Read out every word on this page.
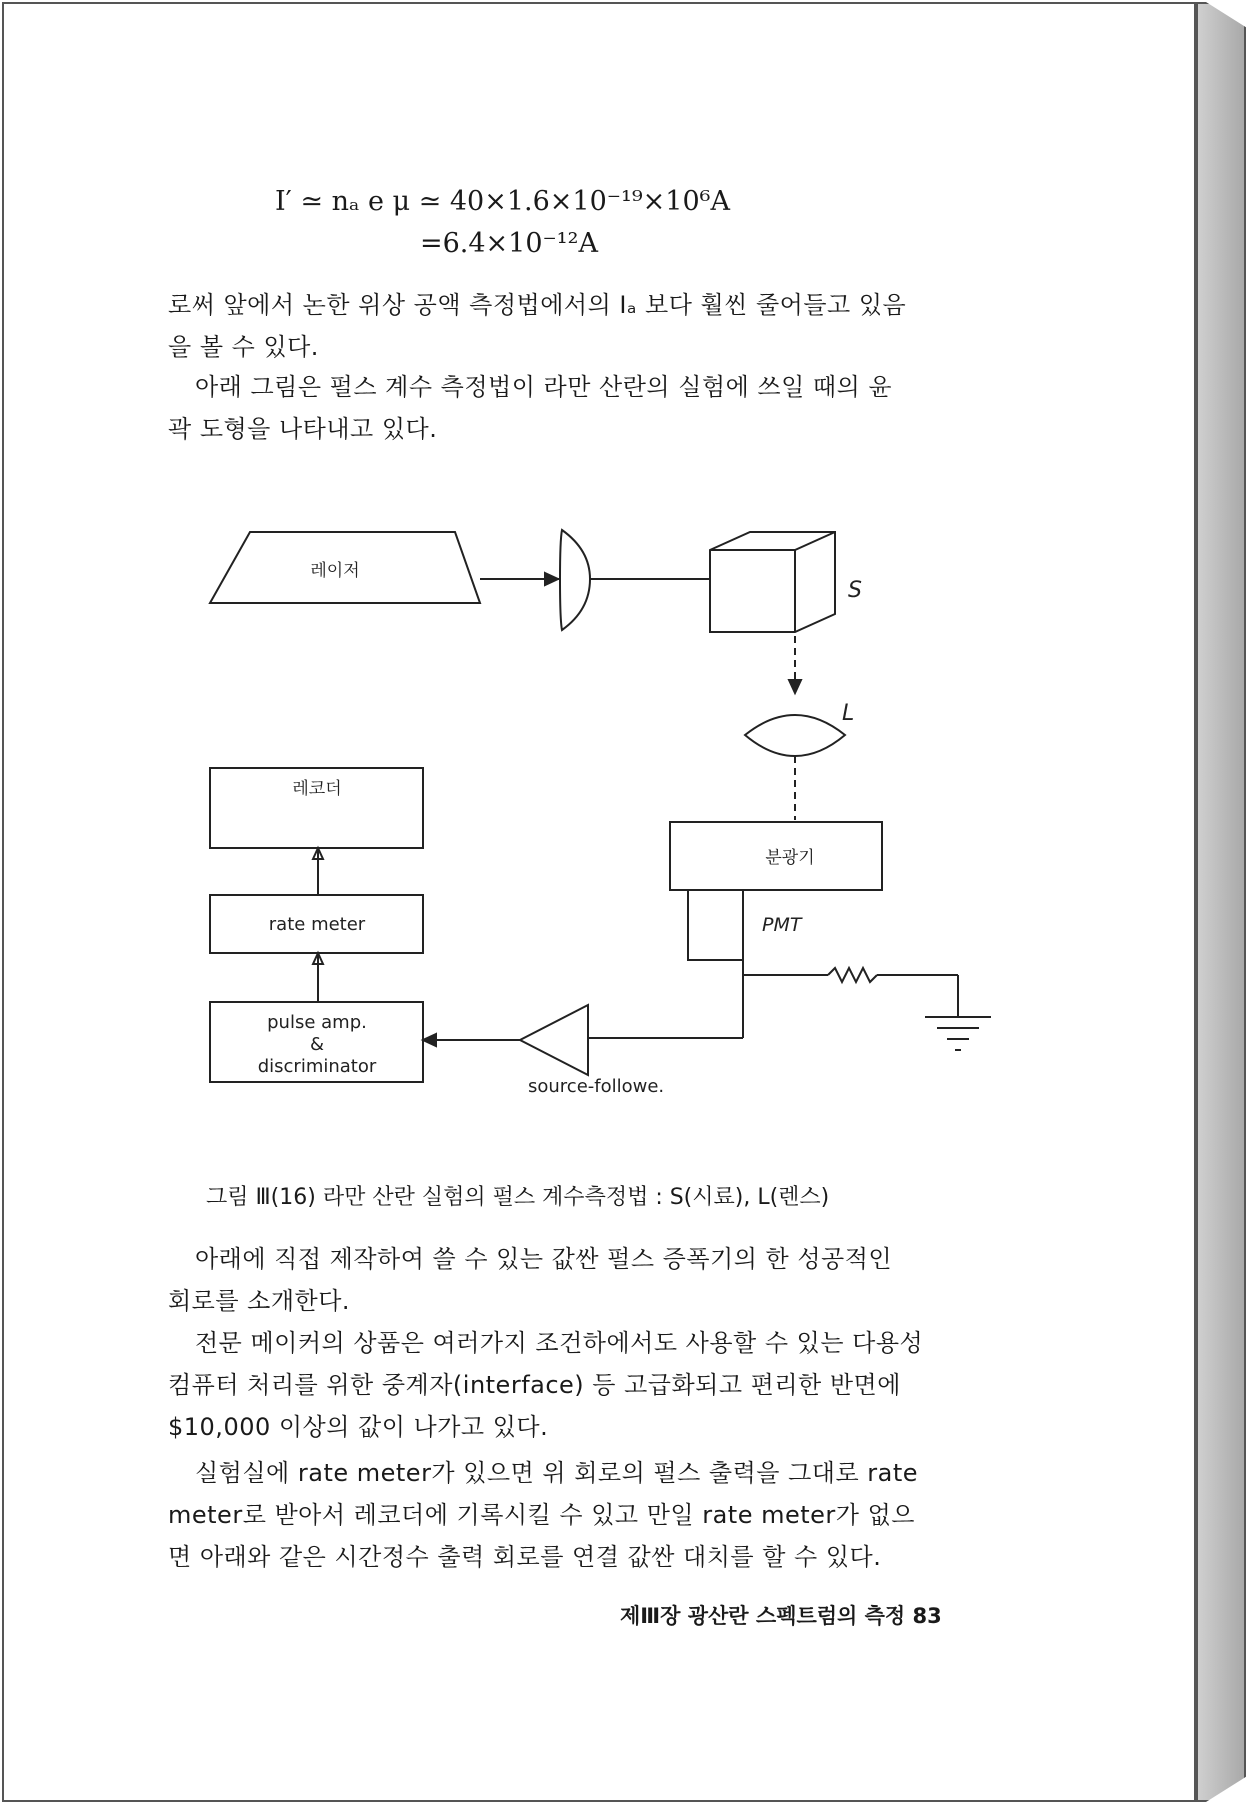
I′ ≃ nₐ e μ ≃ 40×1.6×10⁻¹⁹×10⁶A
=6.4×10⁻¹²A
로써 앞에서 논한 위상 공액 측정법에서의 Iₐ 보다 훨씬 줄어들고 있음
을 볼 수 있다.
아래 그림은 펄스 계수 측정법이 라만 산란의 실험에 쓰일 때의 윤
곽 도형을 나타내고 있다.
레이저
S
L
레코더
rate meter
분광기
PMT
pulse amp.
&
discriminator
source-followe.
그림 Ⅲ(16) 라만 산란 실험의 펄스 계수측정법 : S(시료), L(렌스)
아래에 직접 제작하여 쓸 수 있는 값싼 펄스 증폭기의 한 성공적인
회로를 소개한다.
전문 메이커의 상품은 여러가지 조건하에서도 사용할 수 있는 다용성
컴퓨터 처리를 위한 중계자(interface) 등 고급화되고 편리한 반면에
$10,000 이상의 값이 나가고 있다.
실험실에 rate meter가 있으면 위 회로의 펄스 출력을 그대로 rate
meter로 받아서 레코더에 기록시킬 수 있고 만일 rate meter가 없으
면 아래와 같은 시간정수 출력 회로를 연결 값싼 대치를 할 수 있다.
제Ⅲ장 광산란 스펙트럼의 측정 83
